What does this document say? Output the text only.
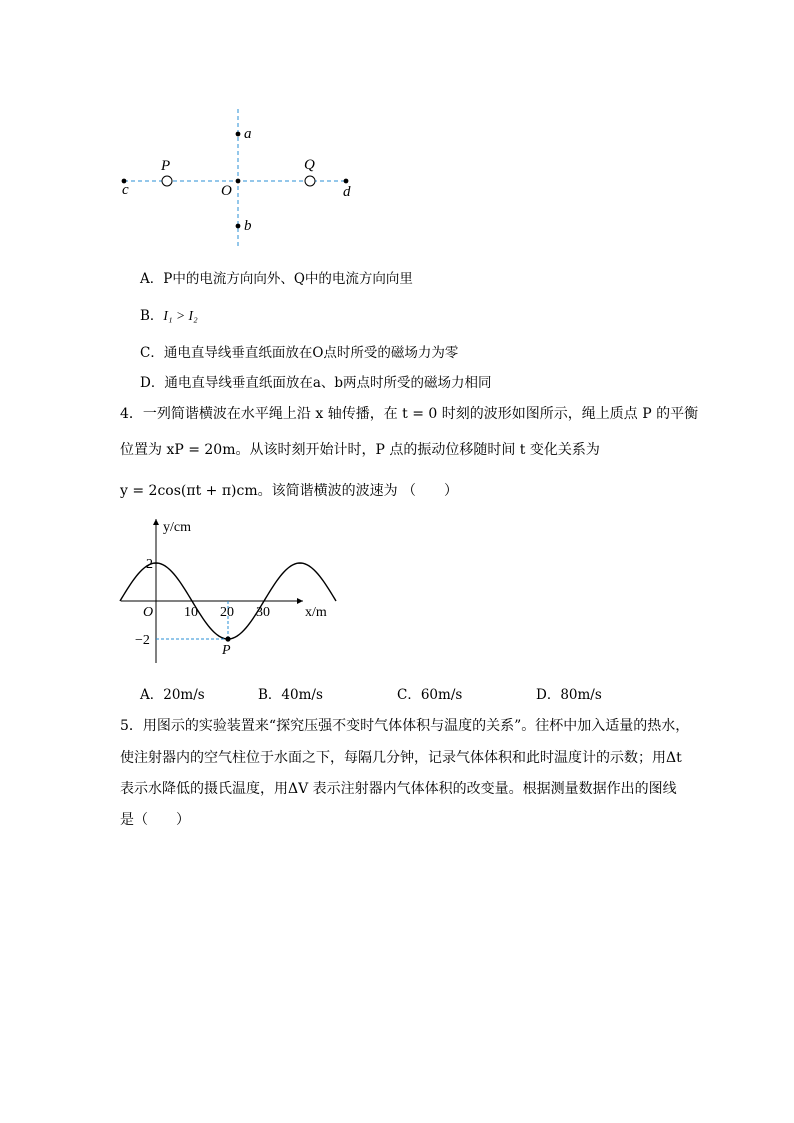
a
b
c	d
O
P	Q
A．P中的电流方向向外、Q中的电流方向向里
B．I₁ > I₂
C．通电直导线垂直纸面放在O点时所受的磁场力为零
D．通电直导线垂直纸面放在a、b两点时所受的磁场力相同
4．一列简谐横波在水平绳上沿 x 轴传播，在 t = 0 时刻的波形如图所示，绳上质点 P 的平衡
位置为 xP = 20m。从该时刻开始计时，P 点的振动位移随时间 t 变化关系为
y = 2cos(πt + π)cm。该简谐横波的波速为 （　　）
P
O 10 20 30
2
−2
y/cm
x/m
A．20m/s	B．40m/s	C．60m/s	D．80m/s
5．用图示的实验装置来“探究压强不变时气体体积与温度的关系”。往杯中加入适量的热水，
使注射器内的空气柱位于水面之下，每隔几分钟，记录气体体积和此时温度计的示数；用Δt
表示水降低的摄氏温度，用ΔV 表示注射器内气体体积的改变量。根据测量数据作出的图线
是（　　）
